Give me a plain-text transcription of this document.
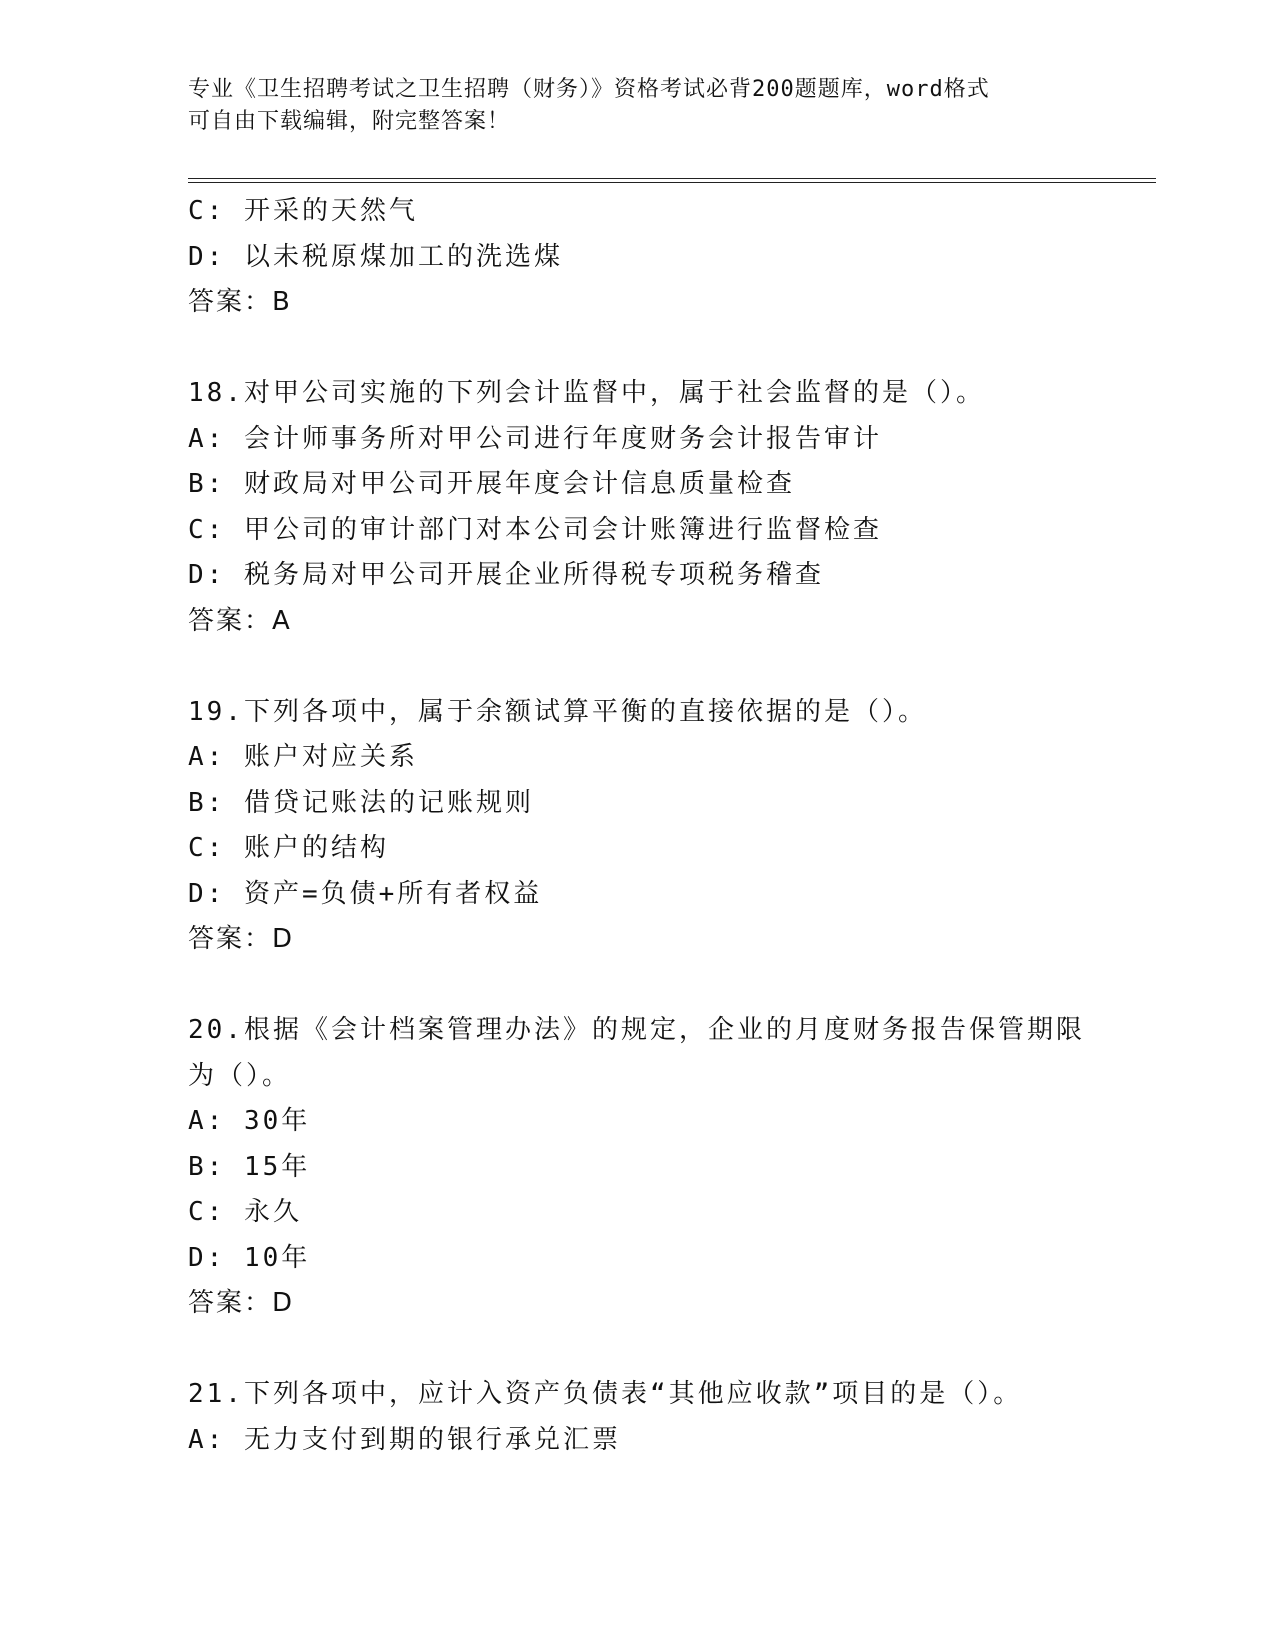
专业《卫生招聘考试之卫生招聘（财务）》资格考试必背200题题库，word格式
可自由下载编辑，附完整答案！
C: 开采的天然气
D: 以未税原煤加工的洗选煤
答案：B
18.对甲公司实施的下列会计监督中，属于社会监督的是（）。
A: 会计师事务所对甲公司进行年度财务会计报告审计
B: 财政局对甲公司开展年度会计信息质量检查
C: 甲公司的审计部门对本公司会计账簿进行监督检查
D: 税务局对甲公司开展企业所得税专项税务稽查
答案：A
19.下列各项中，属于余额试算平衡的直接依据的是（）。
A: 账户对应关系
B: 借贷记账法的记账规则
C: 账户的结构
D: 资产=负债+所有者权益
答案：D
20.根据《会计档案管理办法》的规定，企业的月度财务报告保管期限
为（）。
A: 30年
B: 15年
C: 永久
D: 10年
答案：D
21.下列各项中，应计入资产负债表“其他应收款”项目的是（）。
A: 无力支付到期的银行承兑汇票
